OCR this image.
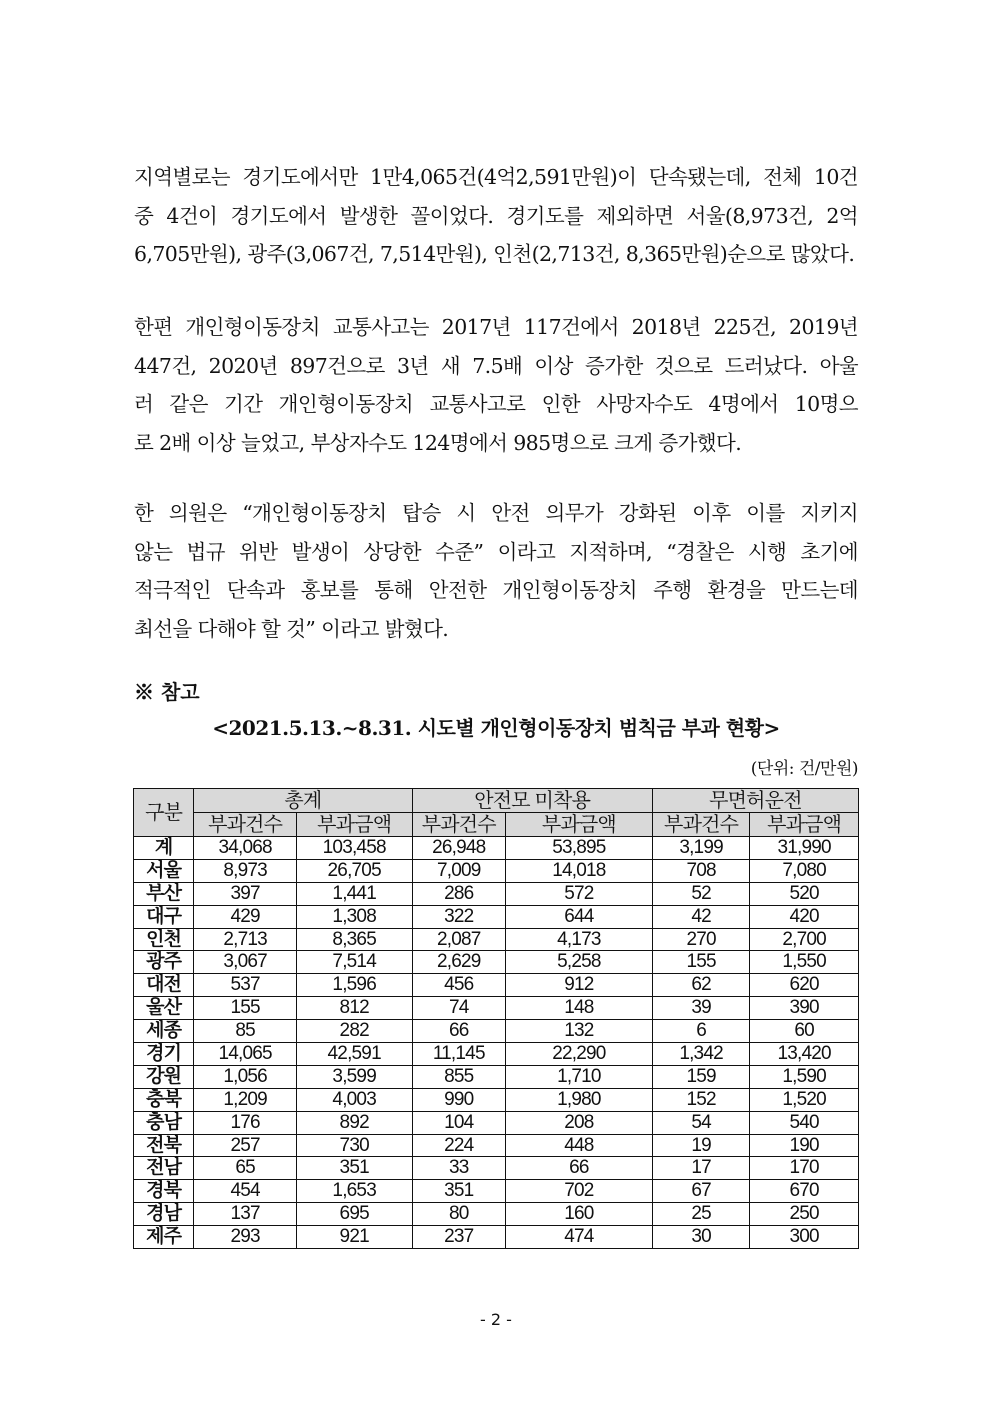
지역별로는 경기도에서만 1만4,065건(4억2,591만원)이 단속됐는데, 전체 10건
중 4건이 경기도에서 발생한 꼴이었다. 경기도를 제외하면 서울(8,973건, 2억
6,705만원), 광주(3,067건, 7,514만원), 인천(2,713건, 8,365만원)순으로 많았다.
한편 개인형이동장치 교통사고는 2017년 117건에서 2018년 225건, 2019년
447건, 2020년 897건으로 3년 새 7.5배 이상 증가한 것으로 드러났다. 아울
러 같은 기간 개인형이동장치 교통사고로 인한 사망자수도 4명에서 10명으
로 2배 이상 늘었고, 부상자수도 124명에서 985명으로 크게 증가했다.
한 의원은 “개인형이동장치 탑승 시 안전 의무가 강화된 이후 이를 지키지
않는 법규 위반 발생이 상당한 수준” 이라고 지적하며, “경찰은 시행 초기에
적극적인 단속과 홍보를 통해 안전한 개인형이동장치 주행 환경을 만드는데
최선을 다해야 할 것” 이라고 밝혔다.
※ 참고
<2021.5.13.~8.31. 시도별 개인형이동장치 범칙금 부과 현황>
(단위: 건/만원)
구분	총계		안전모 미착용		무면허운전	
	부과건수	부과금액	부과건수	부과금액	부과건수	부과금액
계	34,068	103,458	26,948	53,895	3,199	31,990
서울	8,973	26,705	7,009	14,018	708	7,080
부산	397	1,441	286	572	52	520
대구	429	1,308	322	644	42	420
인천	2,713	8,365	2,087	4,173	270	2,700
광주	3,067	7,514	2,629	5,258	155	1,550
대전	537	1,596	456	912	62	620
울산	155	812	74	148	39	390
세종	85	282	66	132	6	60
경기	14,065	42,591	11,145	22,290	1,342	13,420
강원	1,056	3,599	855	1,710	159	1,590
충북	1,209	4,003	990	1,980	152	1,520
충남	176	892	104	208	54	540
전북	257	730	224	448	19	190
전남	65	351	33	66	17	170
경북	454	1,653	351	702	67	670
경남	137	695	80	160	25	250
제주	293	921	237	474	30	300
- 2 -
